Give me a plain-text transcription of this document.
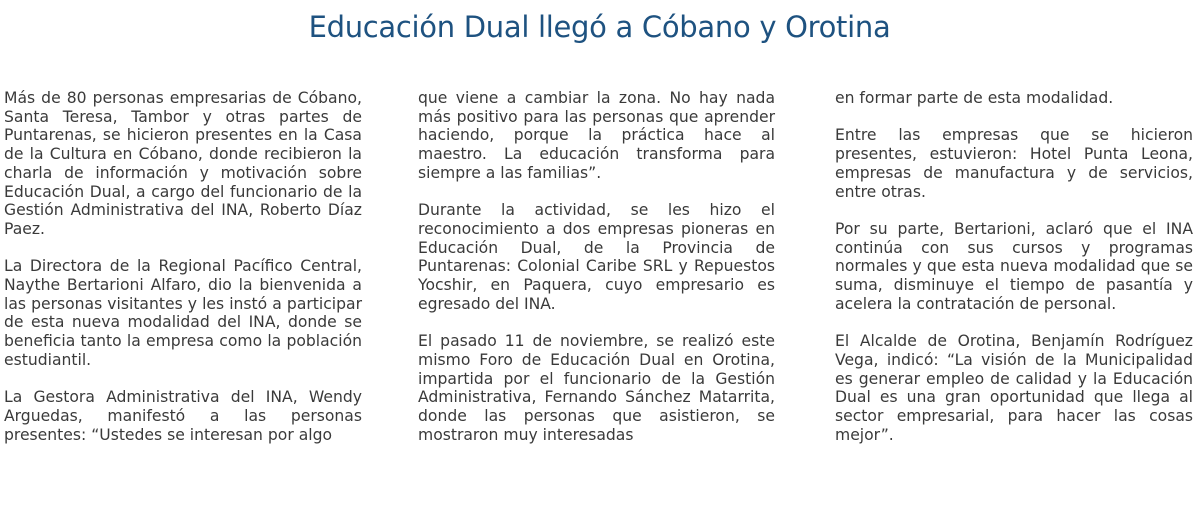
Educación Dual llegó a Cóbano y Orotina

Más de 80 personas empresarias de Cóbano, Santa Teresa, Tambor y otras partes de Puntarenas, se hicieron presentes en la Casa de la Cultura en Cóbano, donde recibieron la charla de información y motivación sobre Educación Dual, a cargo del funcionario de la Gestión Administrativa del INA, Roberto Díaz Paez.

La Directora de la Regional Pacífico Central, Naythe Bertarioni Alfaro, dio la bienvenida a las personas visitantes y les instó a participar de esta nueva modalidad del INA, donde se beneficia tanto la empresa como la población estudiantil.

La Gestora Administrativa del INA, Wendy Arguedas, manifestó a las personas presentes: “Ustedes se interesan por algo

que viene a cambiar la zona. No hay nada más positivo para las personas que aprender haciendo, porque la práctica hace al maestro. La educación transforma para siempre a las familias”.

Durante la actividad, se les hizo el reconocimiento a dos empresas pioneras en Educación Dual, de la Provincia de Puntarenas: Colonial Caribe SRL y Repuestos Yocshir, en Paquera, cuyo empresario es egresado del INA.

El pasado 11 de noviembre, se realizó este mismo Foro de Educación Dual en Orotina, impartida por el funcionario de la Gestión Administrativa, Fernando Sánchez Matarrita, donde las personas que asistieron, se mostraron muy interesadas

en formar parte de esta modalidad.

Entre las empresas que se hicieron presentes, estuvieron: Hotel Punta Leona, empresas de manufactura y de servicios, entre otras.

Por su parte, Bertarioni, aclaró que el INA continúa con sus cursos y programas normales y que esta nueva modalidad que se suma, disminuye el tiempo de pasantía y acelera la contratación de personal.

El Alcalde de Orotina, Benjamín Rodríguez Vega, indicó: “La visión de la Municipalidad es generar empleo de calidad y la Educación Dual es una gran oportunidad que llega al sector empresarial, para hacer las cosas mejor”.
